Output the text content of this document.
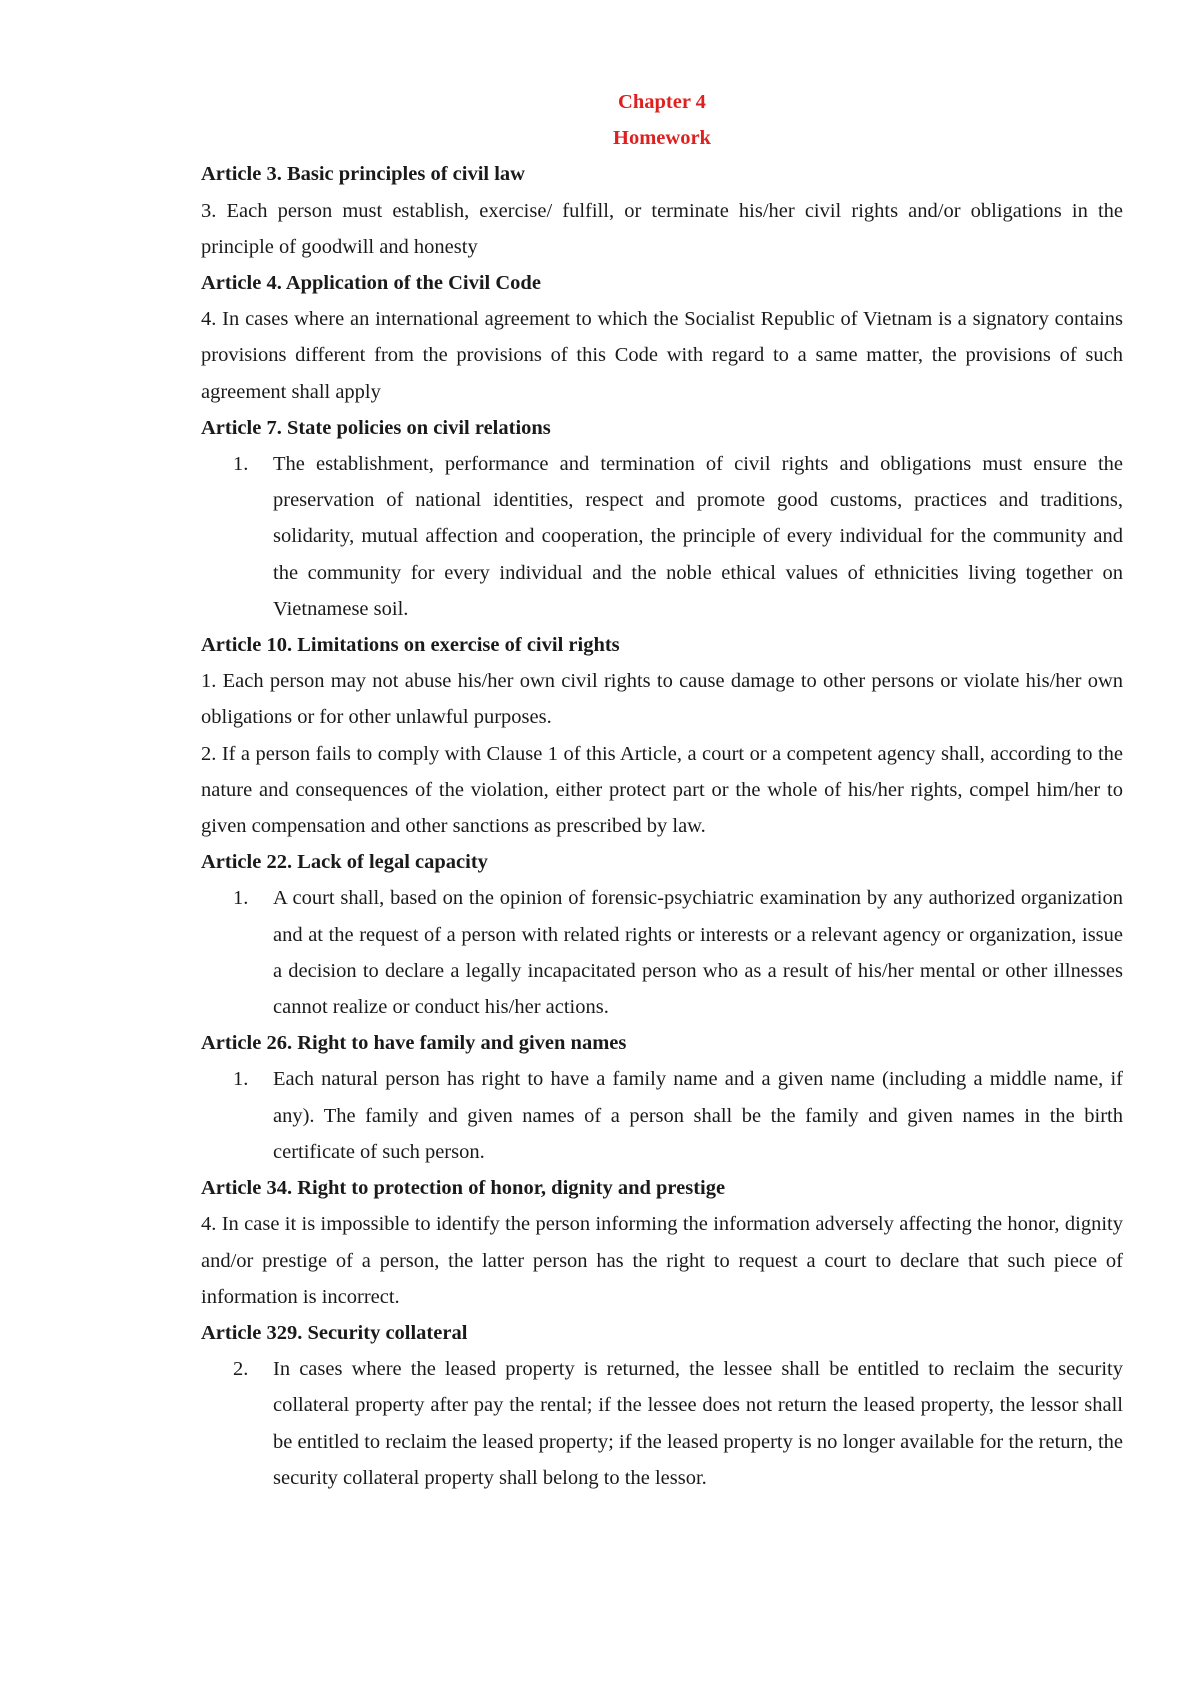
Chapter 4

Homework

Article 3. Basic principles of civil law

3. Each person must establish, exercise/ fulfill, or terminate his/her civil rights and/or obligations in the principle of goodwill and honesty

Article 4. Application of the Civil Code

4. In cases where an international agreement to which the Socialist Republic of Vietnam is a signatory contains provisions different from the provisions of this Code with regard to a same matter, the provisions of such agreement shall apply

Article 7. State policies on civil relations

1.	The establishment, performance and termination of civil rights and obligations must ensure the preservation of national identities, respect and promote good customs, practices and traditions, solidarity, mutual affection and cooperation, the principle of every individual for the community and the community for every individual and the noble ethical values of ethnicities living together on Vietnamese soil.

Article 10. Limitations on exercise of civil rights

1. Each person may not abuse his/her own civil rights to cause damage to other persons or violate his/her own obligations or for other unlawful purposes.

2. If a person fails to comply with Clause 1 of this Article, a court or a competent agency shall, according to the nature and consequences of the violation, either protect part or the whole of his/her rights, compel him/her to given compensation and other sanctions as prescribed by law.

Article 22. Lack of legal capacity

1.	A court shall, based on the opinion of forensic-psychiatric examination by any authorized organization and at the request of a person with related rights or interests or a relevant agency or organization, issue a decision to declare a legally incapacitated person who as a result of his/her mental or other illnesses cannot realize or conduct his/her actions.

Article 26. Right to have family and given names

1.	Each natural person has right to have a family name and a given name (including a middle name, if any). The family and given names of a person shall be the family and given names in the birth certificate of such person.

Article 34. Right to protection of honor, dignity and prestige

4. In case it is impossible to identify the person informing the information adversely affecting the honor, dignity and/or prestige of a person, the latter person has the right to request a court to declare that such piece of information is incorrect.

Article 329. Security collateral

2.	In cases where the leased property is returned, the lessee shall be entitled to reclaim the security collateral property after pay the rental; if the lessee does not return the leased property, the lessor shall be entitled to reclaim the leased property; if the leased property is no longer available for the return, the security collateral property shall belong to the lessor.
